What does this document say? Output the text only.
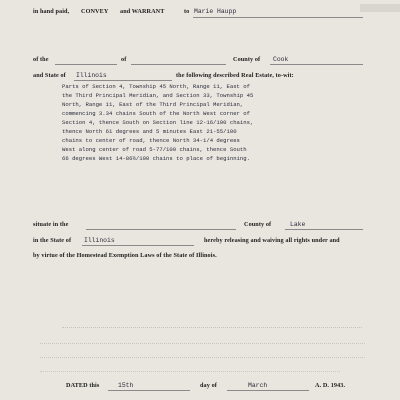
in hand paid, CONVEY and WARRANT	to Marie Haupp
of the	of	County of Cook
and State of Illinois	the following described Real Estate, to-wit:
Parts of Section 4, Township 45 North, Range 11, East of
the Third Principal Meridian, and Section 33, Township 45
North, Range 11, East of the Third Principal Meridian,
commencing 3.34 chains South of the North West corner of
Section 4, thence South on Section line 12-16/100 chains,
thence North 61 degrees and 5 minutes East 21-55/100
chains to center of road, thence North 34-1/4 degrees
West along center of road 5-77/100 chains, thence South
66 degrees West 14-86½/100 chains to place of beginning.
situate in the	County of	Lake
in the State of Illinois	hereby releasing and waiving all rights under and
by virtue of the Homestead Exemption Laws of the State of Illinois.

DATED this	15th	day of	March	A. D. 1943.
